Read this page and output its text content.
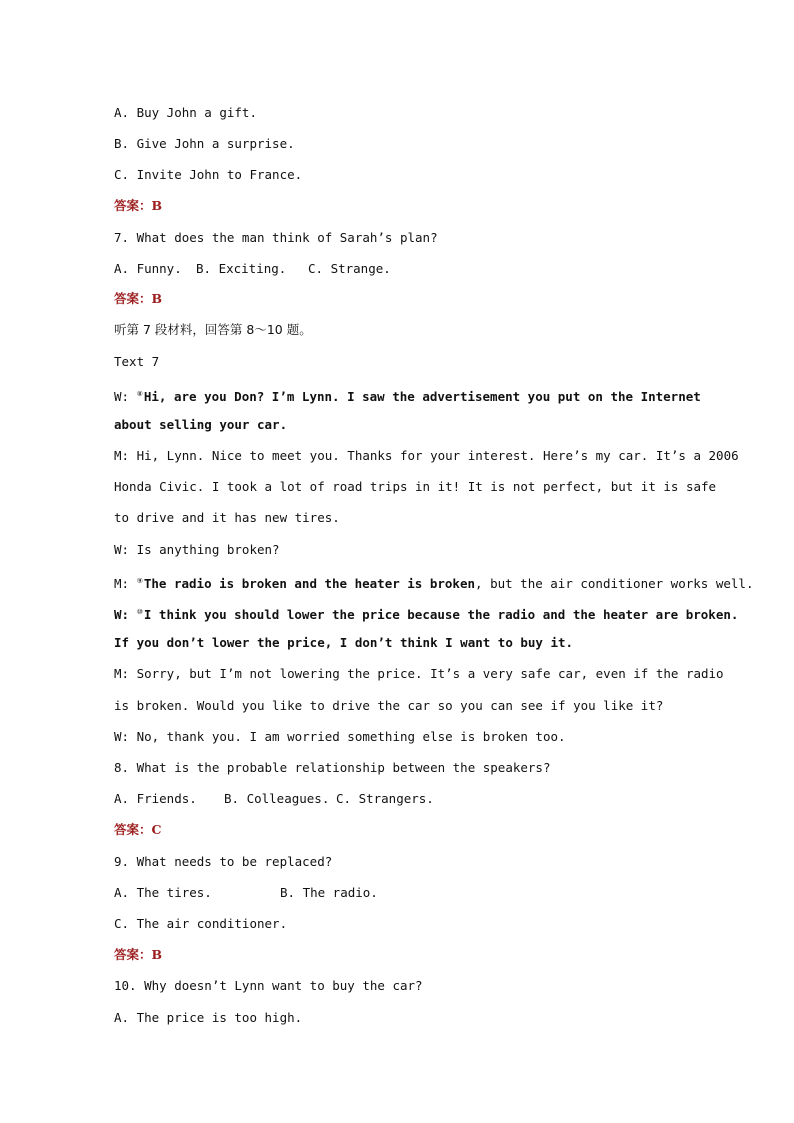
A. Buy John a gift.
B. Give John a surprise.
C. Invite John to France.
答案：B
7. What does the man think of Sarah’s plan?
A. Funny. B. Exciting. C. Strange.
答案：B
听第 7 段材料，回答第 8～10 题。
Text 7
W: ⑧Hi, are you Don? I’m Lynn. I saw the advertisement you put on the Internet
about selling your car.
M: Hi, Lynn. Nice to meet you. Thanks for your interest. Here’s my car. It’s a 2006
Honda Civic. I took a lot of road trips in it! It is not perfect, but it is safe
to drive and it has new tires.
W: Is anything broken?
M: ⑨The radio is broken and the heater is broken, but the air conditioner works well.
W: ⑩I think you should lower the price because the radio and the heater are broken.
If you don’t lower the price, I don’t think I want to buy it.
M: Sorry, but I’m not lowering the price. It’s a very safe car, even if the radio
is broken. Would you like to drive the car so you can see if you like it?
W: No, thank you. I am worried something else is broken too.
8. What is the probable relationship between the speakers?
A. Friends. B. Colleagues. C. Strangers.
答案：C
9. What needs to be replaced?
A. The tires.	B. The radio.
C. The air conditioner.
答案：B
10. Why doesn’t Lynn want to buy the car?
A. The price is too high.
